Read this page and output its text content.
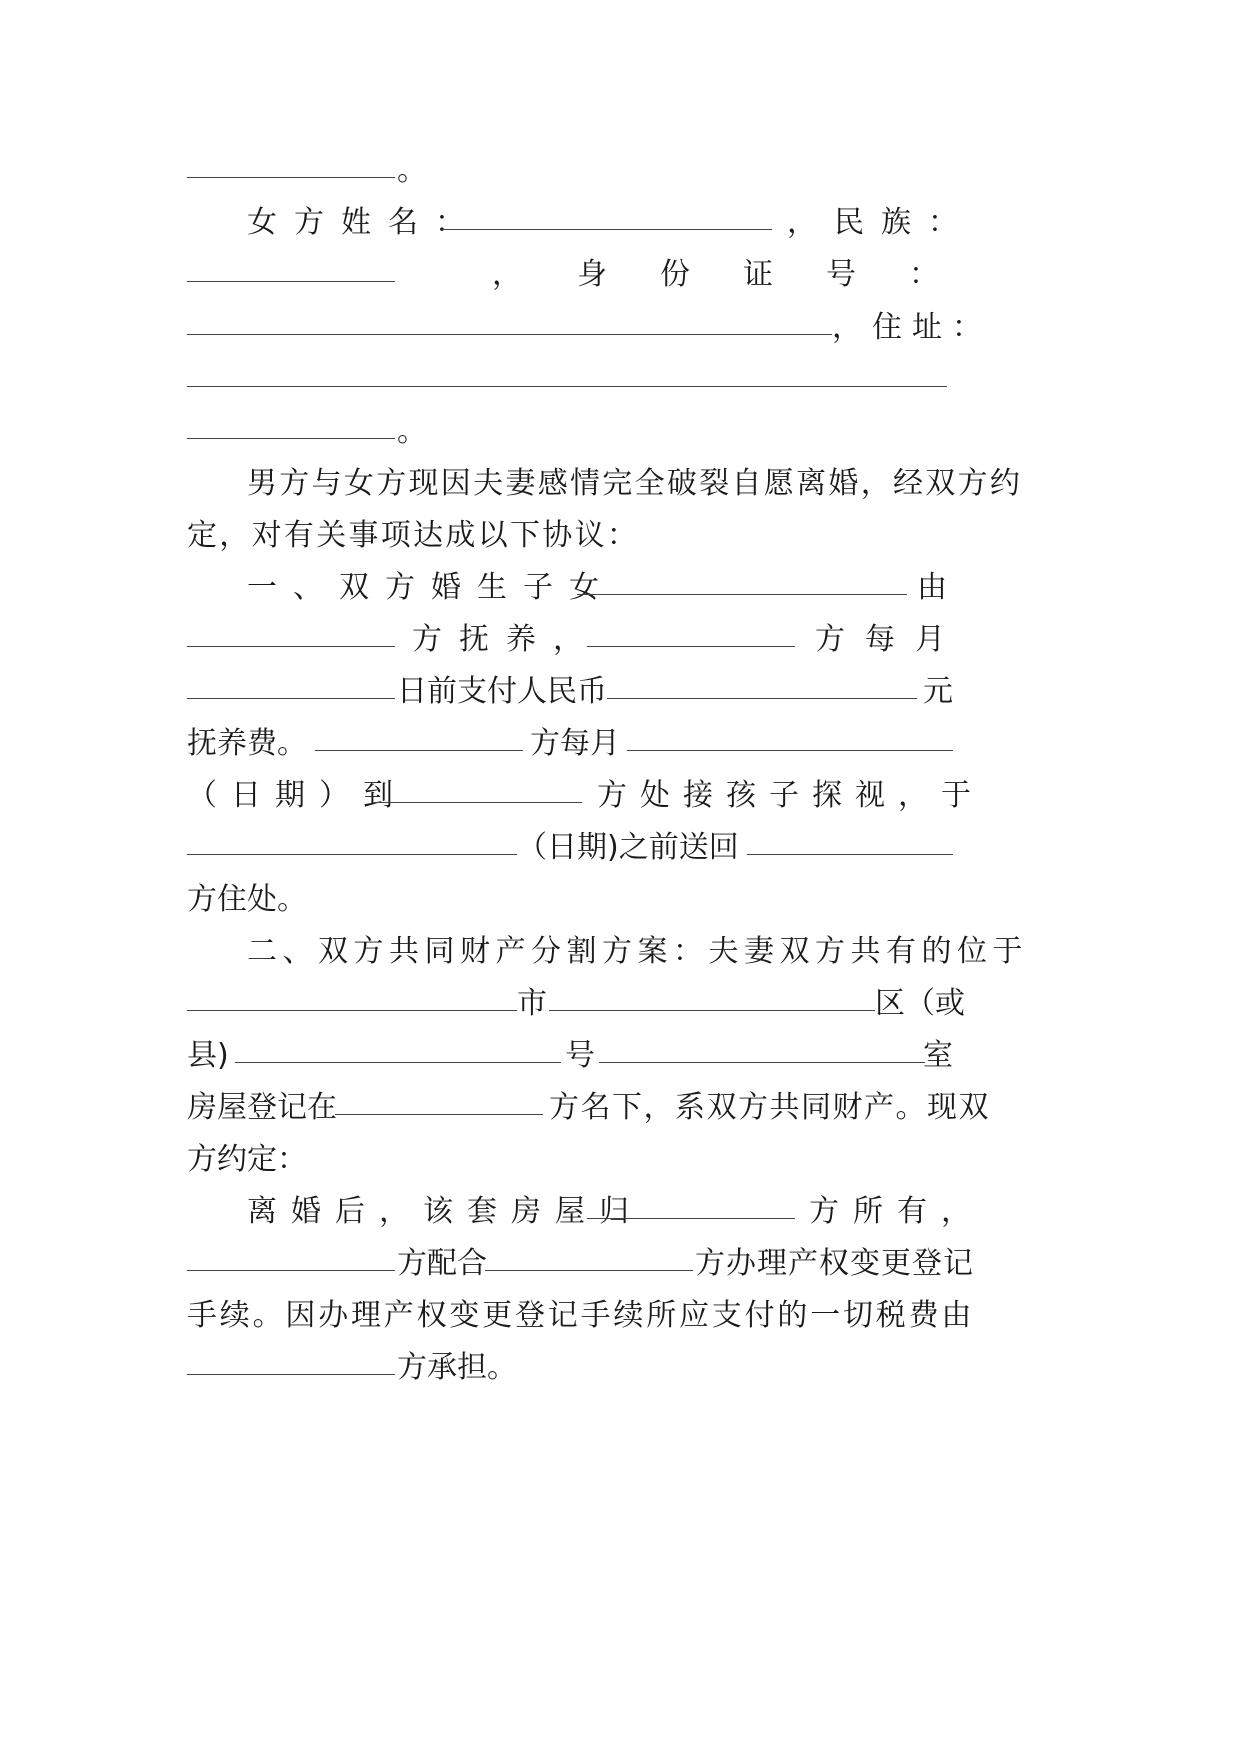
。
女方姓名：	，民族：
， 身份证号：
，住址：
。
男方与女方现因夫妻感情完全破裂自愿离婚，经双方约
定，对有关事项达成以下协议：
一、双方婚生子女	由
方抚养，	方每月
日前支付人民币	元
抚养费。	方每月
（日期）到	方处接孩子探视，于
（日期)之前送回
方住处。
二、双方共同财产分割方案：夫妻双方共有的位于
市	区（或
县)	号	室
房屋登记在	方名下，系双方共同财产。现双
方约定：
离婚后，该套房屋归	方所有，
方配合	方办理产权变更登记
手续。因办理产权变更登记手续所应支付的一切税费由
方承担。
